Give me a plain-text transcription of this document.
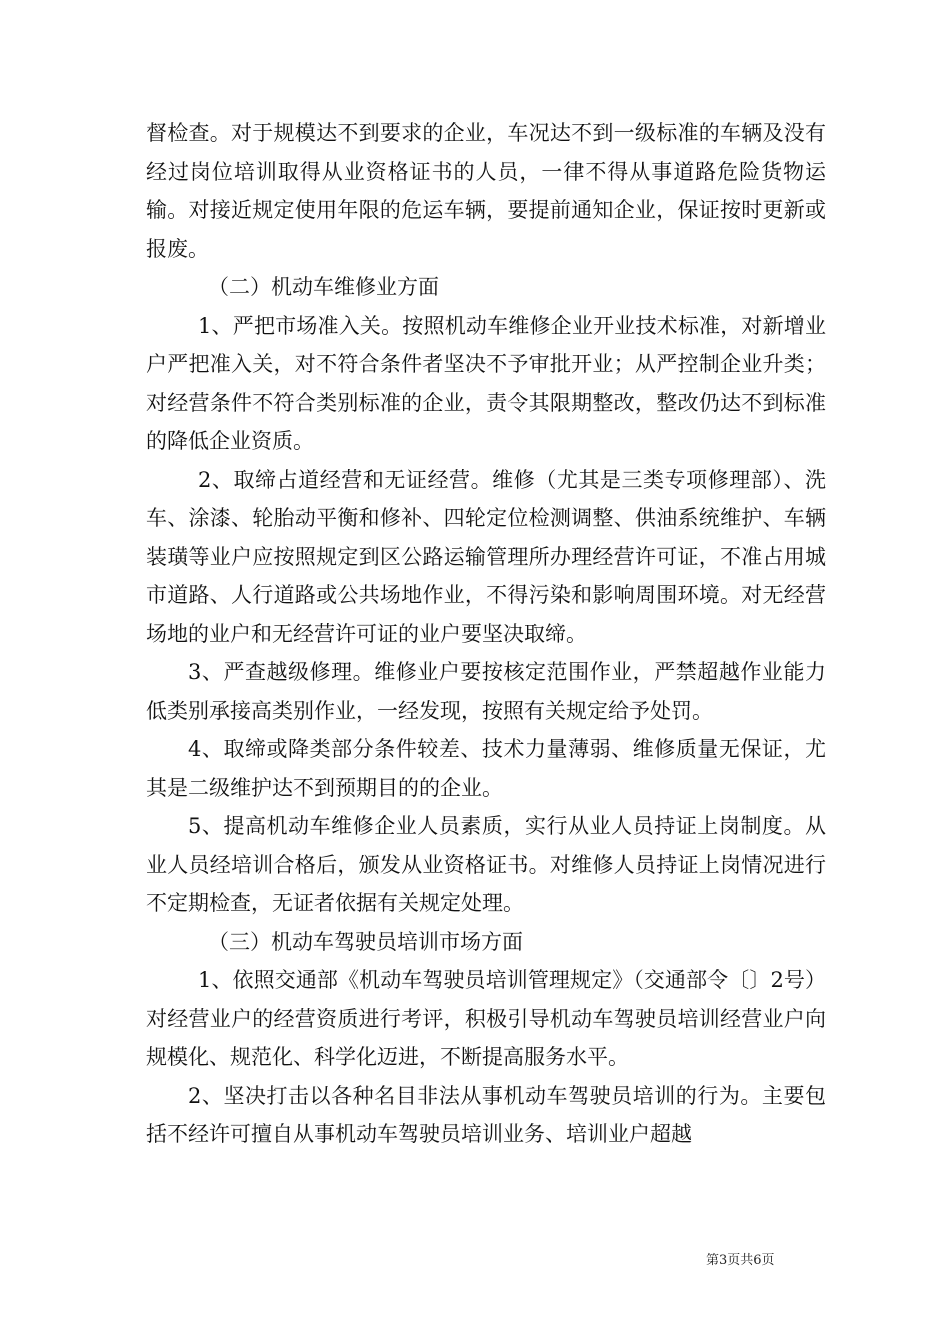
督检查。对于规模达不到要求的企业，车况达不到一级标准的车辆及没有经过岗位培训取得从业资格证书的人员，一律不得从事道路危险货物运输。对接近规定使用年限的危运车辆，要提前通知企业，保证按时更新或报废。

（二）机动车维修业方面

1、严把市场准入关。按照机动车维修企业开业技术标准，对新增业户严把准入关，对不符合条件者坚决不予审批开业；从严控制企业升类；对经营条件不符合类别标准的企业，责令其限期整改，整改仍达不到标准的降低企业资质。

2、取缔占道经营和无证经营。维修（尤其是三类专项修理部）、洗车、涂漆、轮胎动平衡和修补、四轮定位检测调整、供油系统维护、车辆装璜等业户应按照规定到区公路运输管理所办理经营许可证，不准占用城市道路、人行道路或公共场地作业，不得污染和影响周围环境。对无经营场地的业户和无经营许可证的业户要坚决取缔。

3、严查越级修理。维修业户要按核定范围作业，严禁超越作业能力低类别承接高类别作业，一经发现，按照有关规定给予处罚。

4、取缔或降类部分条件较差、技术力量薄弱、维修质量无保证，尤其是二级维护达不到预期目的的企业。

5、提高机动车维修企业人员素质，实行从业人员持证上岗制度。从业人员经培训合格后，颁发从业资格证书。对维修人员持证上岗情况进行不定期检查，无证者依据有关规定处理。

（三）机动车驾驶员培训市场方面

1、依照交通部《机动车驾驶员培训管理规定》（交通部令〔〕2号）对经营业户的经营资质进行考评，积极引导机动车驾驶员培训经营业户向规模化、规范化、科学化迈进，不断提高服务水平。

2、坚决打击以各种名目非法从事机动车驾驶员培训的行为。主要包括不经许可擅自从事机动车驾驶员培训业务、培训业户超越

第3页共6页
